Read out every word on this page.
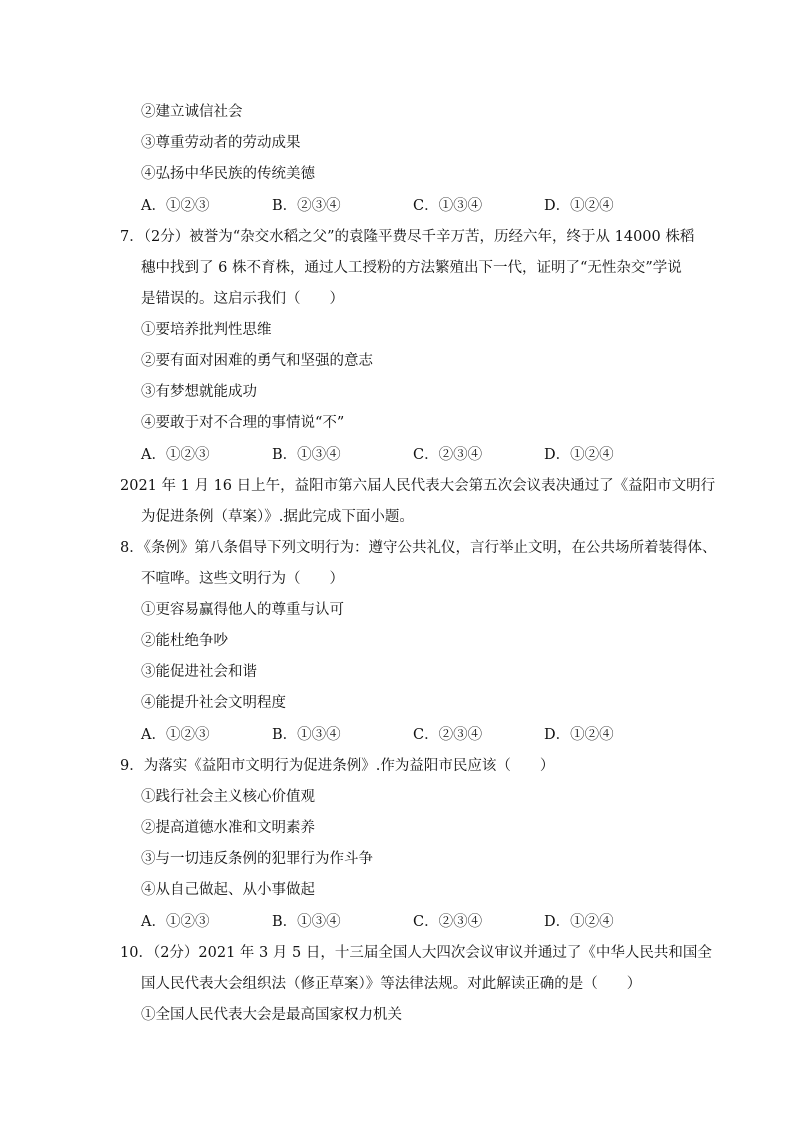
②建立诚信社会
③尊重劳动者的劳动成果
④弘扬中华民族的传统美德
A．①②③	B．②③④	C．①③④	D．①②④
7．（2分）被誉为“杂交水稻之父”的袁隆平费尽千辛万苦，历经六年，终于从 14000 株稻
穗中找到了 6 株不育株，通过人工授粉的方法繁殖出下一代，证明了“无性杂交”学说
是错误的。这启示我们（　　）
①要培养批判性思维
②要有面对困难的勇气和坚强的意志
③有梦想就能成功
④要敢于对不合理的事情说“不”
A．①②③	B．①③④	C．②③④	D．①②④
2021 年 1 月 16 日上午，益阳市第六届人民代表大会第五次会议表决通过了《益阳市文明行
为促进条例（草案）》.据此完成下面小题。
8．《条例》第八条倡导下列文明行为：遵守公共礼仪，言行举止文明，在公共场所着装得体、
不喧哗。这些文明行为（　　）
①更容易赢得他人的尊重与认可
②能杜绝争吵
③能促进社会和谐
④能提升社会文明程度
A．①②③	B．①③④	C．②③④	D．①②④
9．为落实《益阳市文明行为促进条例》.作为益阳市民应该（　　）
①践行社会主义核心价值观
②提高道德水准和文明素养
③与一切违反条例的犯罪行为作斗争
④从自己做起、从小事做起
A．①②③	B．①③④	C．②③④	D．①②④
10．（2分）2021 年 3 月 5 日，十三届全国人大四次会议审议并通过了《中华人民共和国全
国人民代表大会组织法（修正草案）》等法律法规。对此解读正确的是（　　）
①全国人民代表大会是最高国家权力机关
